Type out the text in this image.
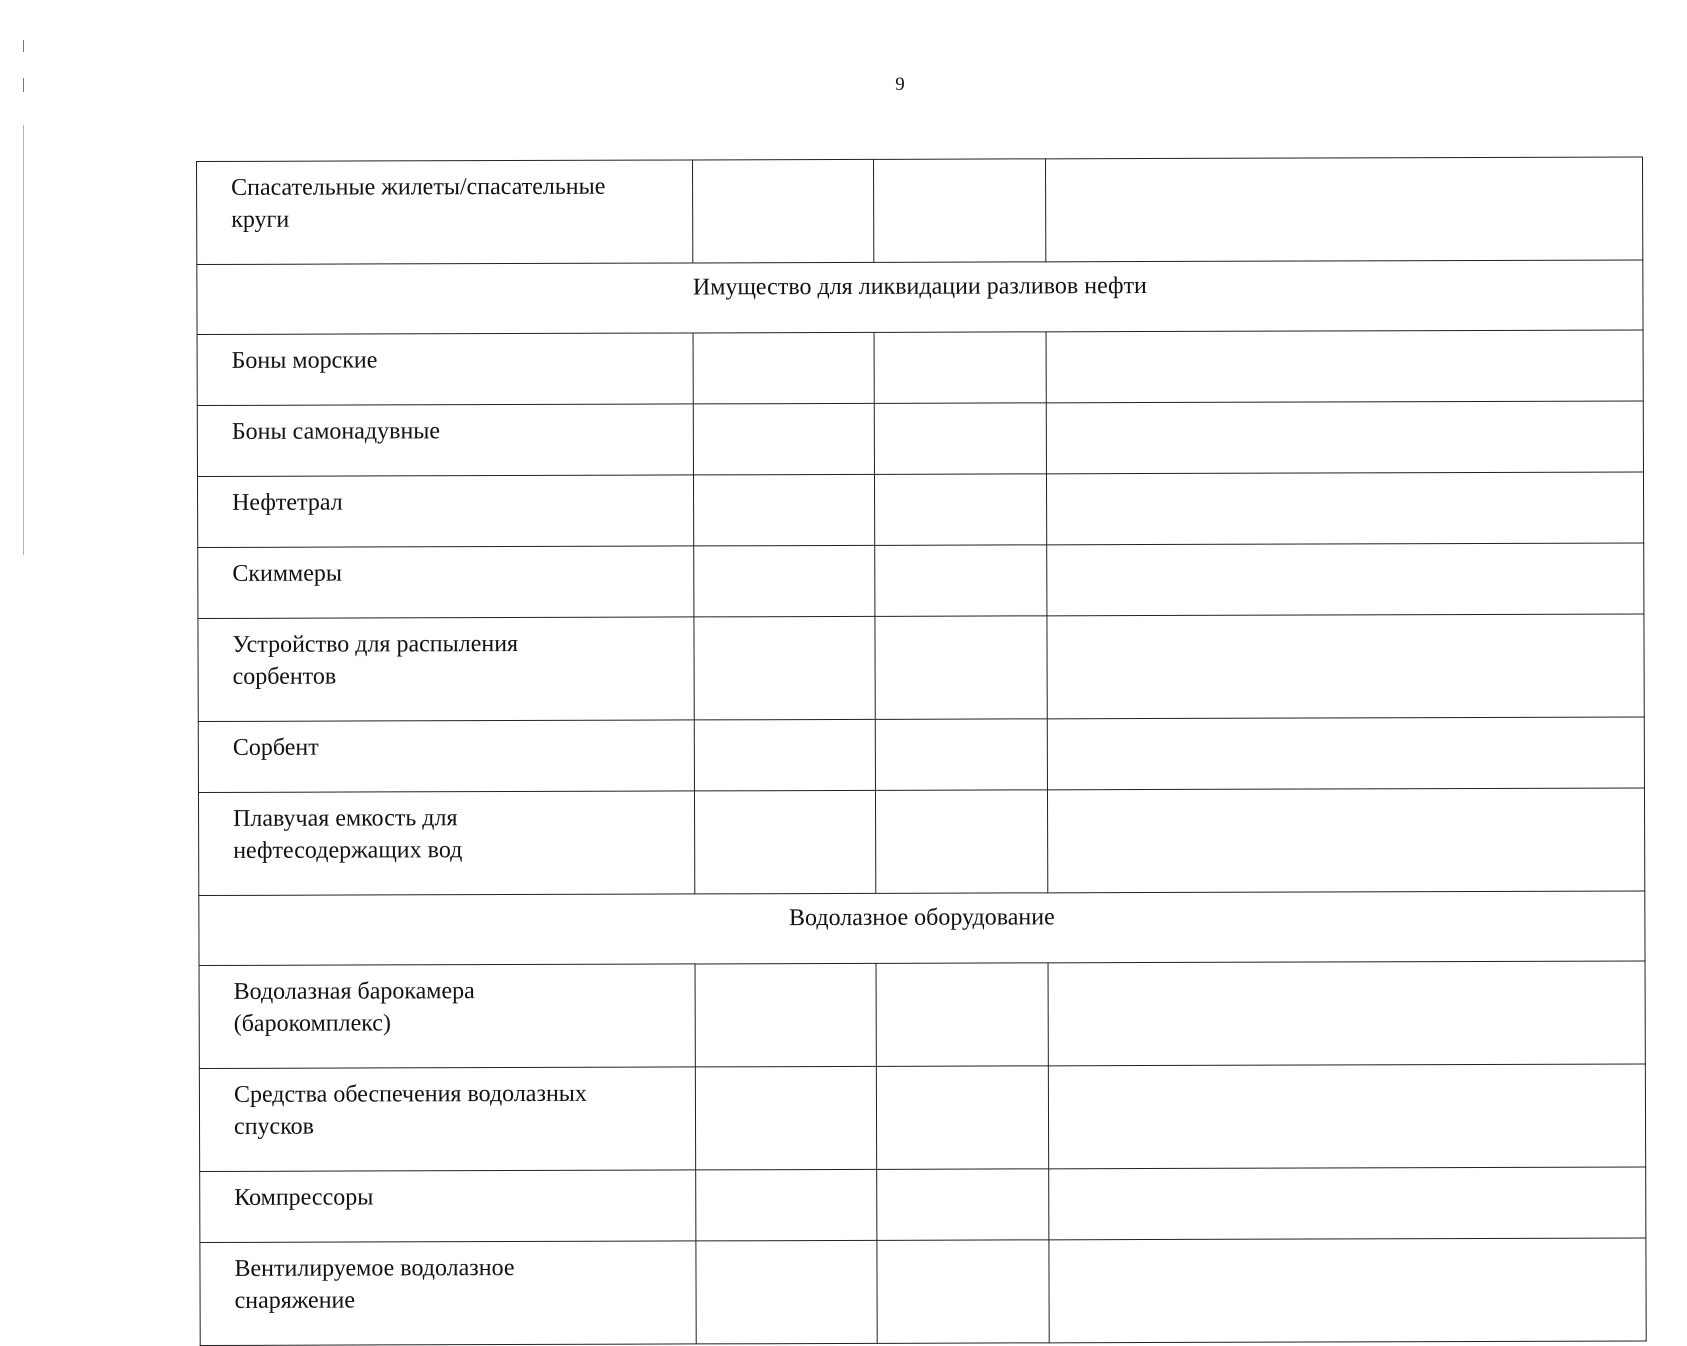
9
Спасательные жилеты/спасательные
круги			
Имущество для ликвидации разливов нефти			
Боны морские			
Боны самонадувные			
Нефтетрал			
Скиммеры			
Устройство для распыления
сорбентов			
Сорбент			
Плавучая емкость для
нефтесодержащих вод			
Водолазное оборудование			
Водолазная барокамера
(барокомплекс)			
Средства обеспечения водолазных
спусков			
Компрессоры			
Вентилируемое водолазное
снаряжение			
